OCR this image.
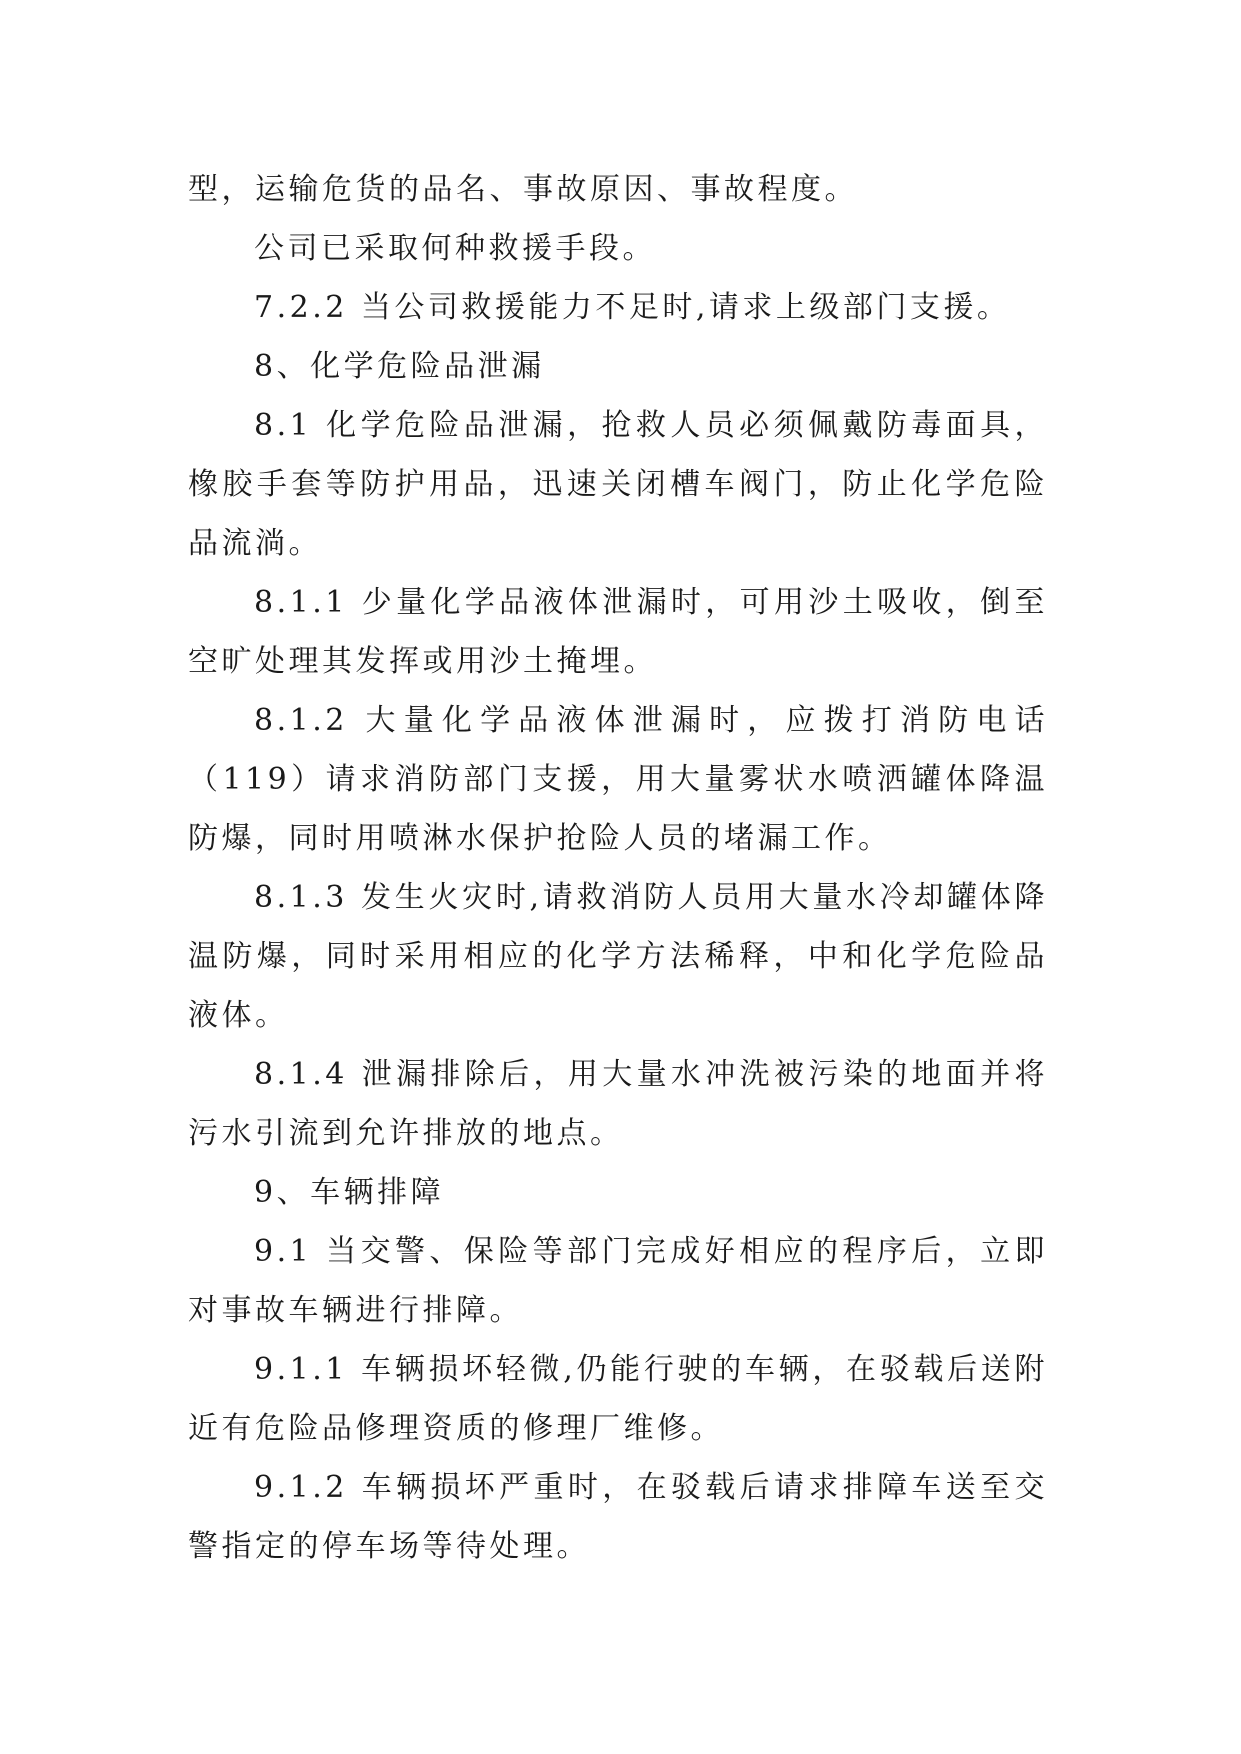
型，运输危货的品名、事故原因、事故程度。

公司已采取何种救援手段。

7.2.2 当公司救援能力不足时,请求上级部门支援。

8、化学危险品泄漏

8.1 化学危险品泄漏，抢救人员必须佩戴防毒面具，橡胶手套等防护用品，迅速关闭槽车阀门，防止化学危险品流淌。

8.1.1 少量化学品液体泄漏时，可用沙土吸收，倒至空旷处理其发挥或用沙土掩埋。

8.1.2 大量化学品液体泄漏时，应拨打消防电话（119）请求消防部门支援，用大量雾状水喷洒罐体降温防爆，同时用喷淋水保护抢险人员的堵漏工作。

8.1.3 发生火灾时,请救消防人员用大量水冷却罐体降温防爆，同时采用相应的化学方法稀释，中和化学危险品液体。

8.1.4 泄漏排除后，用大量水冲洗被污染的地面并将污水引流到允许排放的地点。

9、车辆排障

9.1 当交警、保险等部门完成好相应的程序后，立即对事故车辆进行排障。

9.1.1 车辆损坏轻微,仍能行驶的车辆，在驳载后送附近有危险品修理资质的修理厂维修。

9.1.2 车辆损坏严重时，在驳载后请求排障车送至交警指定的停车场等待处理。
